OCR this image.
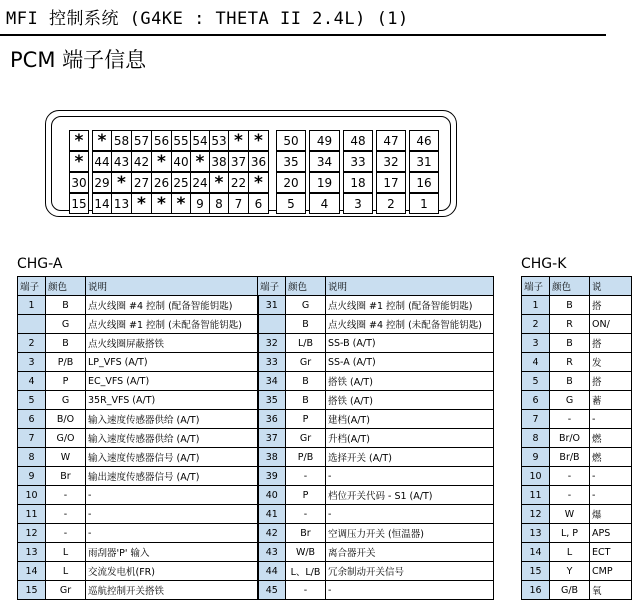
MFI 控制系统 (G4KE : THETA II 2.4L) (1)
PCM 端子信息
* * 58 57 56 55 54 53 * *	50	49	48	47	46
* 44 43 42 * 40 * 38 37 36	35	34	33	32	31
30 29 * 27 26 25 24 * 22 *	20	19	18	17	16
15 14 13 * * * 9 8 7	6	5	4	3	2	1
CHG-A
端子	颜色	说明	端子	颜色	说明
1	B	点火线圈 #4 控制 (配备智能钥匙)	31	G	点火线圈 #1 控制 (配备智能钥匙)
	G	点火线圈 #1 控制 (未配备智能钥匙)		B	点火线圈 #4 控制 (未配备智能钥匙)
2	B	点火线圈屏蔽搭铁	32	L/B	SS-B (A/T)
3	P/B	LP_VFS (A/T)	33	Gr	SS-A (A/T)
4	P	EC_VFS (A/T)	34	B	搭铁 (A/T)
5	G	35R_VFS (A/T)	35	B	搭铁 (A/T)
6	B/O	输入速度传感器供给 (A/T)	36	P	建档(A/T)
7	G/O	输入速度传感器供给 (A/T)	37	Gr	升档(A/T)
8	W	输入速度传感器信号 (A/T)	38	P/B	选择开关 (A/T)
9	Br	输出速度传感器信号 (A/T)	39	-	-
10	-	-	40	P	档位开关代码 - S1 (A/T)
11	-	-	41	-	-
12	-	-	42	Br	空调压力开关 (恒温器)
13	L	雨刮器'P' 输入	43	W/B	离合器开关
14	L	交流发电机(FR)	44	L、L/B	冗余制动开关信号
15	Gr	巡航控制开关搭铁	45	-	-
CHG-K
端子	颜色	说
1	B	搭
2	R	ON/
3	B	搭
4	R	发
5	B	搭
6	G	蓄
7	-	-
8	Br/O	燃
9	Br/B	燃
10	-	-
11	-	-
12	W	爆
13	L, P	APS
14	L	ECT
15	Y	CMP
16	G/B	氧
